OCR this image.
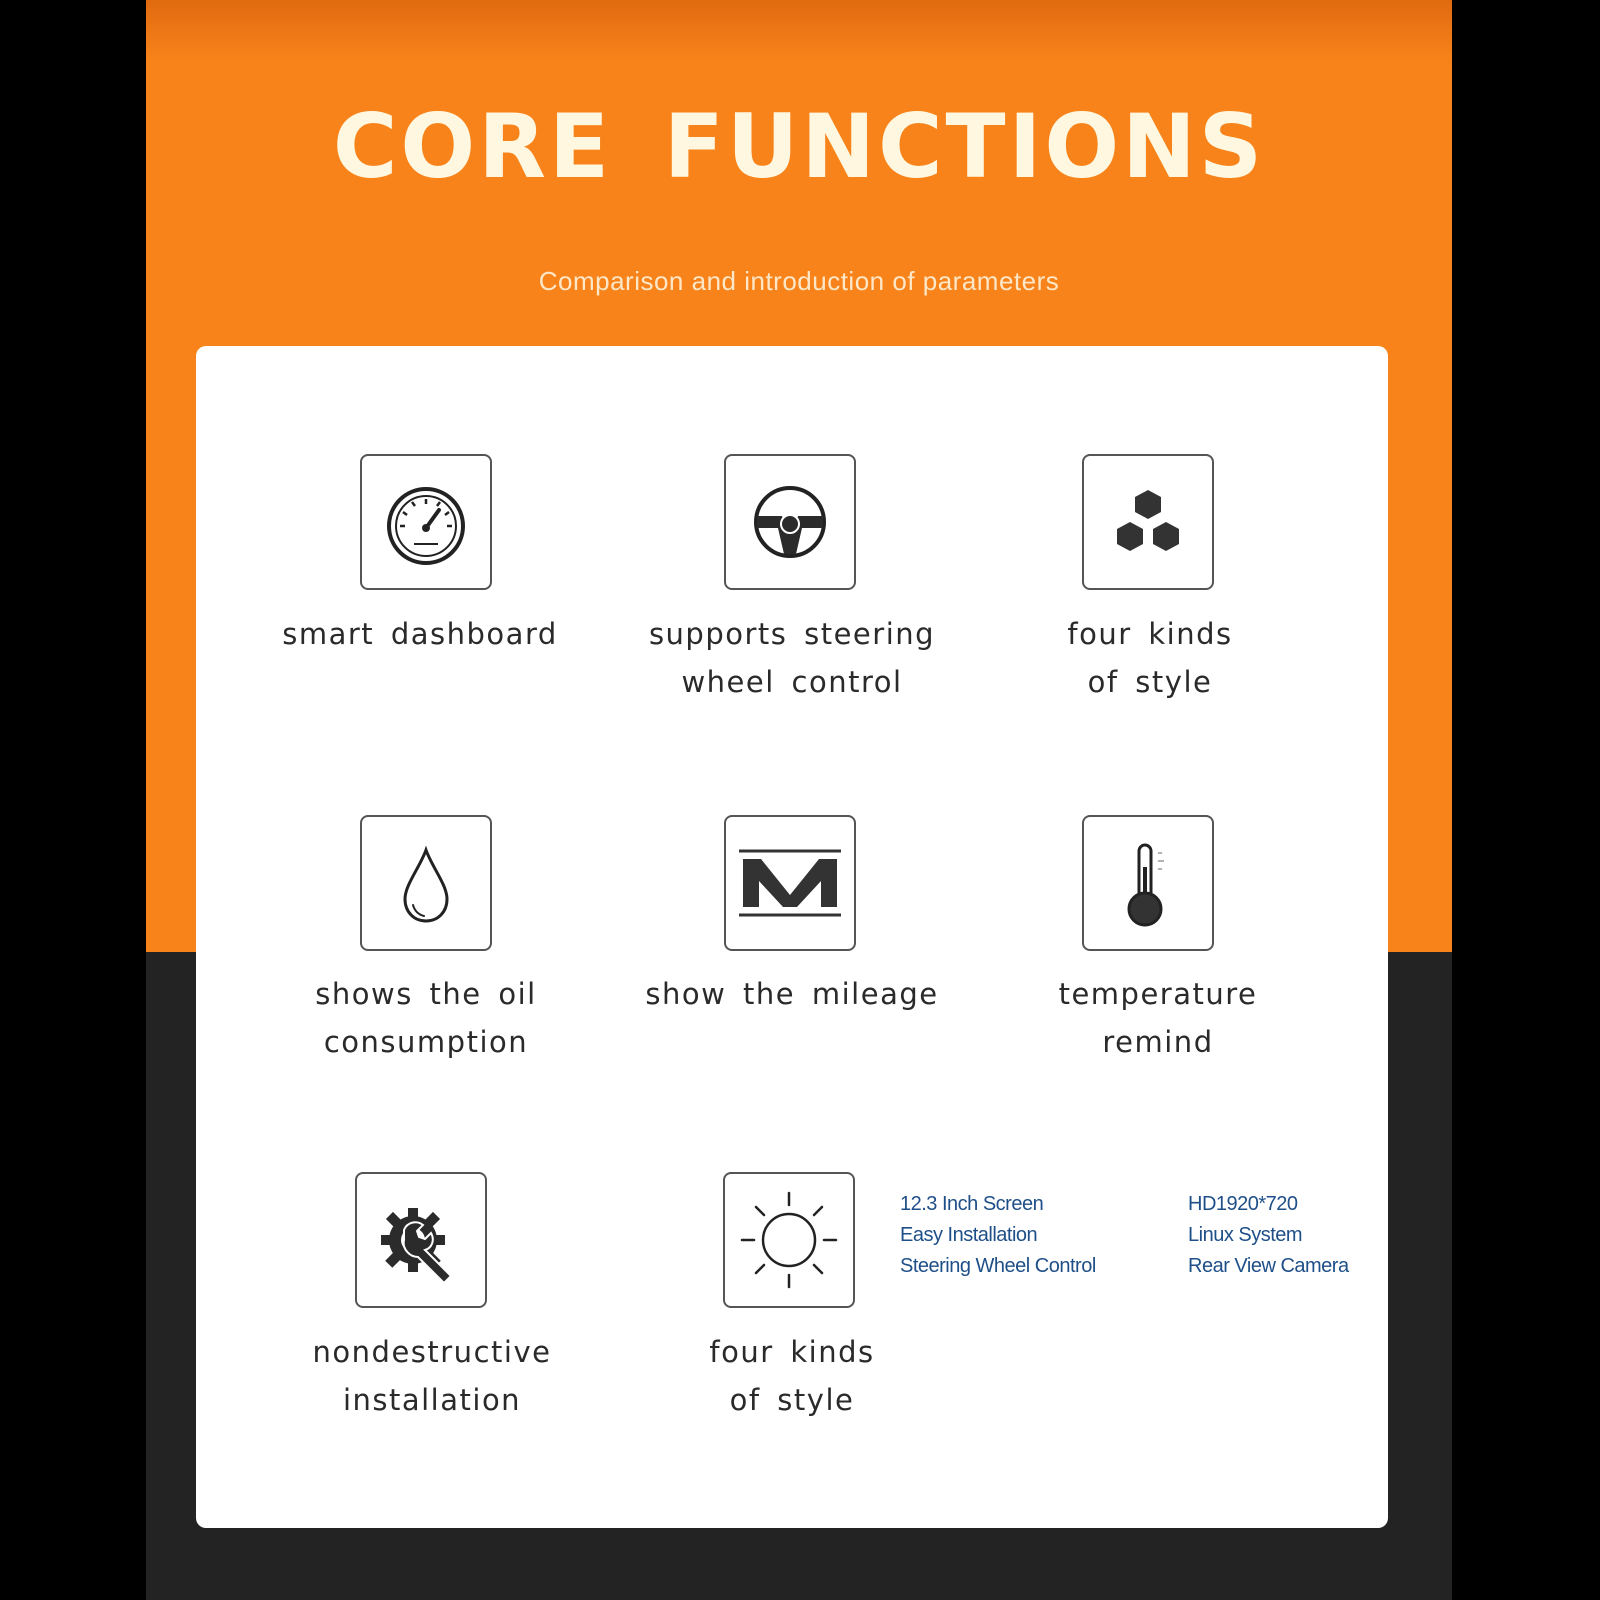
CORE FUNCTIONS
Comparison and introduction of parameters
smart dashboard	supports steering
wheel control
four kinds
of style
shows the oil
consumption
show the mileage	temperature
remind
nondestructive
installation
four kinds
of style
12.3 Inch Screen
Easy Installation
Steering Wheel Control
HD1920*720
Linux System
Rear View Camera
